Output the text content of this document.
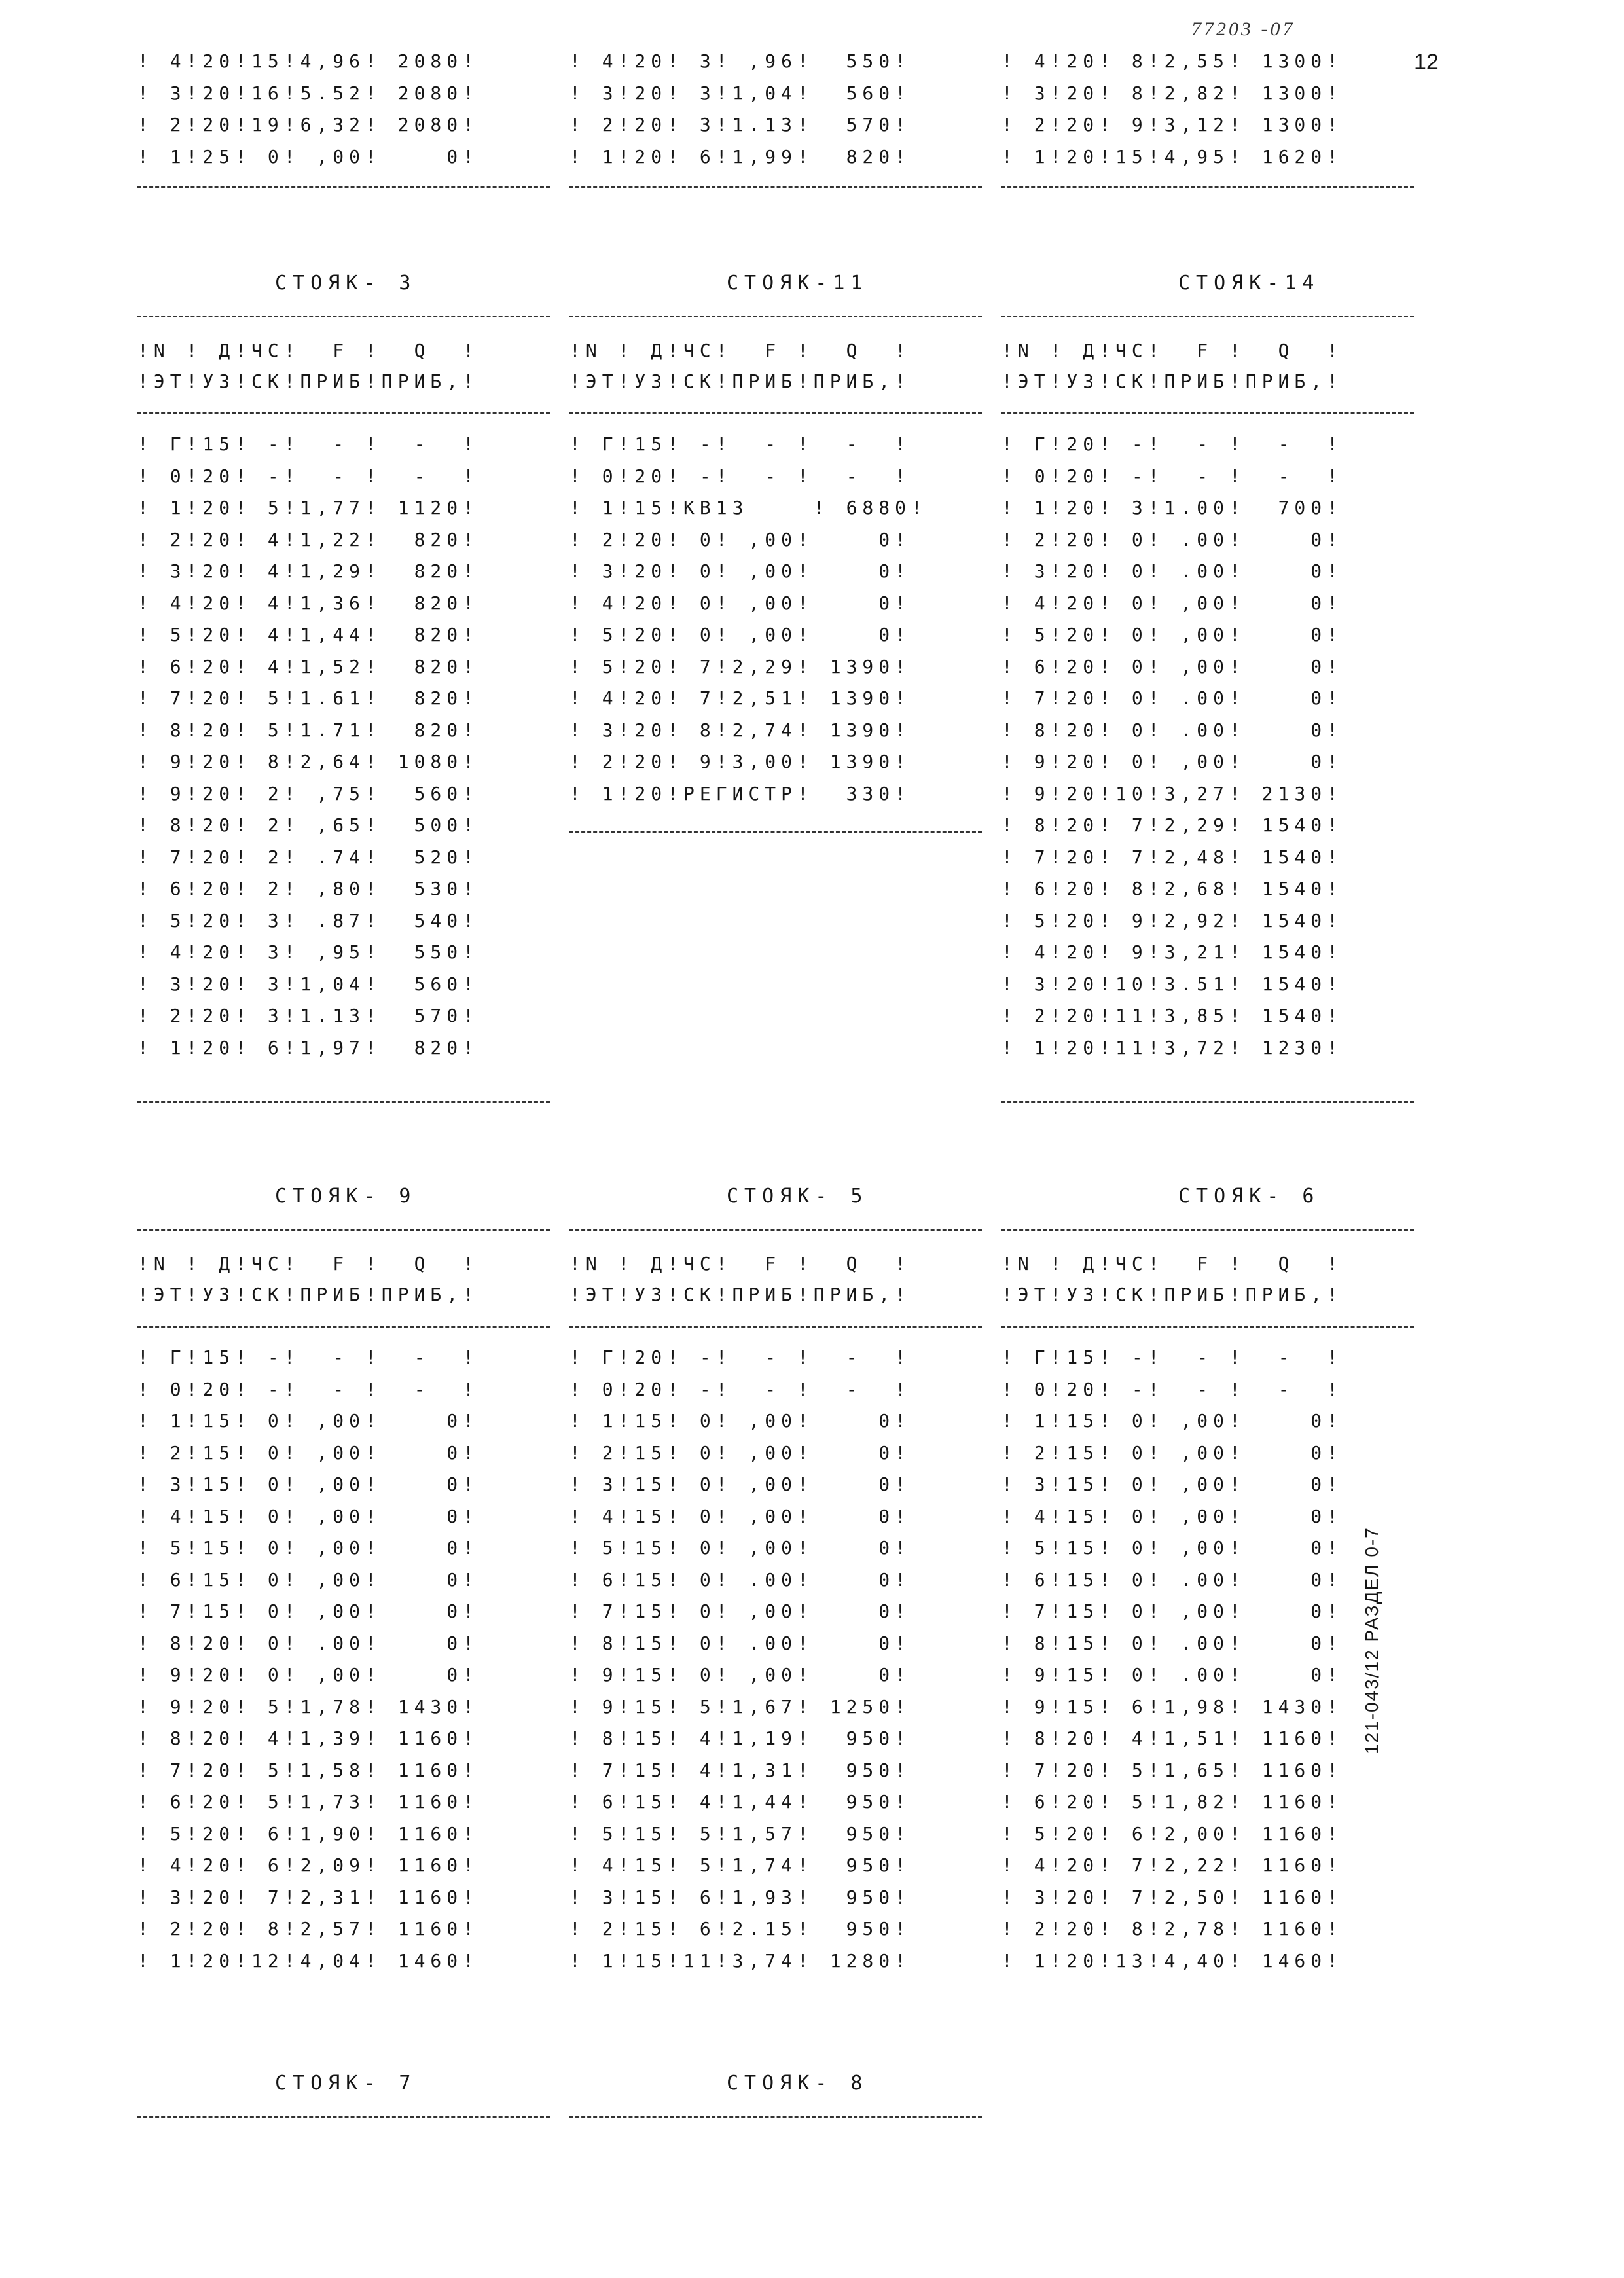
77203 -07
12
! 4!20!15!4,96! 2080!
! 3!20!16!5.52! 2080!
! 2!20!19!6,32! 2080!
! 1!25! 0! ,00!    0!
! 4!20! 3! ,96!  550!
! 3!20! 3!1,04!  560!
! 2!20! 3!1.13!  570!
! 1!20! 6!1,99!  820!
! 4!20! 8!2,55! 1300!
! 3!20! 8!2,82! 1300!
! 2!20! 9!3,12! 1300!
! 1!20!15!4,95! 1620!
СТОЯК- 3	СТОЯК-11	СТОЯК-14
!N ! Д!ЧС!  F !  Q  !
!ЭТ!УЗ!СК!ПРИБ!ПРИБ,!
!N ! Д!ЧС!  F !  Q  !
!ЭТ!УЗ!СК!ПРИБ!ПРИБ,!
!N ! Д!ЧС!  F !  Q  !
!ЭТ!УЗ!СК!ПРИБ!ПРИБ,!
! Г!15! -!  - !  -  !
! 0!20! -!  - !  -  !
! 1!20! 5!1,77! 1120!
! 2!20! 4!1,22!  820!
! 3!20! 4!1,29!  820!
! 4!20! 4!1,36!  820!
! 5!20! 4!1,44!  820!
! 6!20! 4!1,52!  820!
! 7!20! 5!1.61!  820!
! 8!20! 5!1.71!  820!
! 9!20! 8!2,64! 1080!
! 9!20! 2! ,75!  560!
! 8!20! 2! ,65!  500!
! 7!20! 2! .74!  520!
! 6!20! 2! ,80!  530!
! 5!20! 3! .87!  540!
! 4!20! 3! ,95!  550!
! 3!20! 3!1,04!  560!
! 2!20! 3!1.13!  570!
! 1!20! 6!1,97!  820!
! Г!15! -!  - !  -  !
! 0!20! -!  - !  -  !
! 1!15!КВ13    ! 6880!
! 2!20! 0! ,00!    0!
! 3!20! 0! ,00!    0!
! 4!20! 0! ,00!    0!
! 5!20! 0! ,00!    0!
! 5!20! 7!2,29! 1390!
! 4!20! 7!2,51! 1390!
! 3!20! 8!2,74! 1390!
! 2!20! 9!3,00! 1390!
! 1!20!РЕГИСТР!  330!
! Г!20! -!  - !  -  !
! 0!20! -!  - !  -  !
! 1!20! 3!1.00!  700!
! 2!20! 0! .00!    0!
! 3!20! 0! .00!    0!
! 4!20! 0! ,00!    0!
! 5!20! 0! ,00!    0!
! 6!20! 0! ,00!    0!
! 7!20! 0! .00!    0!
! 8!20! 0! .00!    0!
! 9!20! 0! ,00!    0!
! 9!20!10!3,27! 2130!
! 8!20! 7!2,29! 1540!
! 7!20! 7!2,48! 1540!
! 6!20! 8!2,68! 1540!
! 5!20! 9!2,92! 1540!
! 4!20! 9!3,21! 1540!
! 3!20!10!3.51! 1540!
! 2!20!11!3,85! 1540!
! 1!20!11!3,72! 1230!
СТОЯК- 9	СТОЯК- 5	СТОЯК- 6
!N ! Д!ЧС!  F !  Q  !
!ЭТ!УЗ!СК!ПРИБ!ПРИБ,!
!N ! Д!ЧС!  F !  Q  !
!ЭТ!УЗ!СК!ПРИБ!ПРИБ,!
!N ! Д!ЧС!  F !  Q  !
!ЭТ!УЗ!СК!ПРИБ!ПРИБ,!
! Г!15! -!  - !  -  !
! 0!20! -!  - !  -  !
! 1!15! 0! ,00!    0!
! 2!15! 0! ,00!    0!
! 3!15! 0! ,00!    0!
! 4!15! 0! ,00!    0!
! 5!15! 0! ,00!    0!
! 6!15! 0! ,00!    0!
! 7!15! 0! ,00!    0!
! 8!20! 0! .00!    0!
! 9!20! 0! ,00!    0!
! 9!20! 5!1,78! 1430!
! 8!20! 4!1,39! 1160!
! 7!20! 5!1,58! 1160!
! 6!20! 5!1,73! 1160!
! 5!20! 6!1,90! 1160!
! 4!20! 6!2,09! 1160!
! 3!20! 7!2,31! 1160!
! 2!20! 8!2,57! 1160!
! 1!20!12!4,04! 1460!
! Г!20! -!  - !  -  !
! 0!20! -!  - !  -  !
! 1!15! 0! ,00!    0!
! 2!15! 0! ,00!    0!
! 3!15! 0! ,00!    0!
! 4!15! 0! ,00!    0!
! 5!15! 0! ,00!    0!
! 6!15! 0! .00!    0!
! 7!15! 0! ,00!    0!
! 8!15! 0! .00!    0!
! 9!15! 0! ,00!    0!
! 9!15! 5!1,67! 1250!
! 8!15! 4!1,19!  950!
! 7!15! 4!1,31!  950!
! 6!15! 4!1,44!  950!
! 5!15! 5!1,57!  950!
! 4!15! 5!1,74!  950!
! 3!15! 6!1,93!  950!
! 2!15! 6!2.15!  950!
! 1!15!11!3,74! 1280!
! Г!15! -!  - !  -  !
! 0!20! -!  - !  -  !
! 1!15! 0! ,00!    0!
! 2!15! 0! ,00!    0!
! 3!15! 0! ,00!    0!
! 4!15! 0! ,00!    0!
! 5!15! 0! ,00!    0!
! 6!15! 0! .00!    0!
! 7!15! 0! ,00!    0!
! 8!15! 0! .00!    0!
! 9!15! 0! .00!    0!
! 9!15! 6!1,98! 1430!
! 8!20! 4!1,51! 1160!
! 7!20! 5!1,65! 1160!
! 6!20! 5!1,82! 1160!
! 5!20! 6!2,00! 1160!
! 4!20! 7!2,22! 1160!
! 3!20! 7!2,50! 1160!
! 2!20! 8!2,78! 1160!
! 1!20!13!4,40! 1460!
121-043/12 РАЗДЕЛ 0-7
СТОЯК- 7	СТОЯК- 8
